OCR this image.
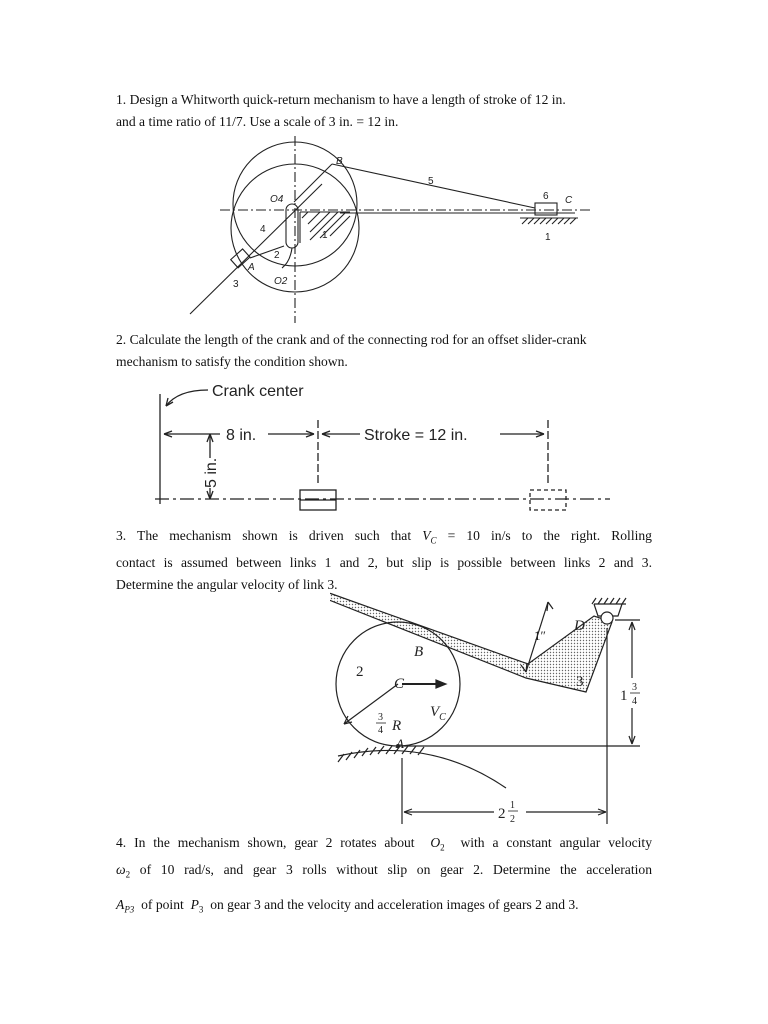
1. Design a Whitworth quick-return mechanism to have a length of stroke of 12 in.

and a time ratio of 11/7. Use a scale of 3 in. = 12 in.

B
5
6 C
O4
4
1	1
2
A
3	O2

2. Calculate the length of the crank and of the connecting rod for an offset slider-crank

mechanism to satisfy the condition shown.

Crank center
8 in.	Stroke = 12 in.
5 in.

3. The mechanism shown is driven such that $V_C = 10$ in/s to the right. Rolling

contact is assumed between links 1 and 2, but slip is possible between links 2 and 3.

Determine the angular velocity of link 3.

D
1″
B
2
C
$V_C$
3
R
A
3
4
1
3
4
2
1
2

4. In the mechanism shown, gear 2 rotates about $O_2$ with a constant angular velocity

$\omega_2$ of 10 rad/s, and gear 3 rolls without slip on gear 2. Determine the acceleration

$A_{P3}$ of point $P_3$ on gear 3 and the velocity and acceleration images of gears 2 and 3.
